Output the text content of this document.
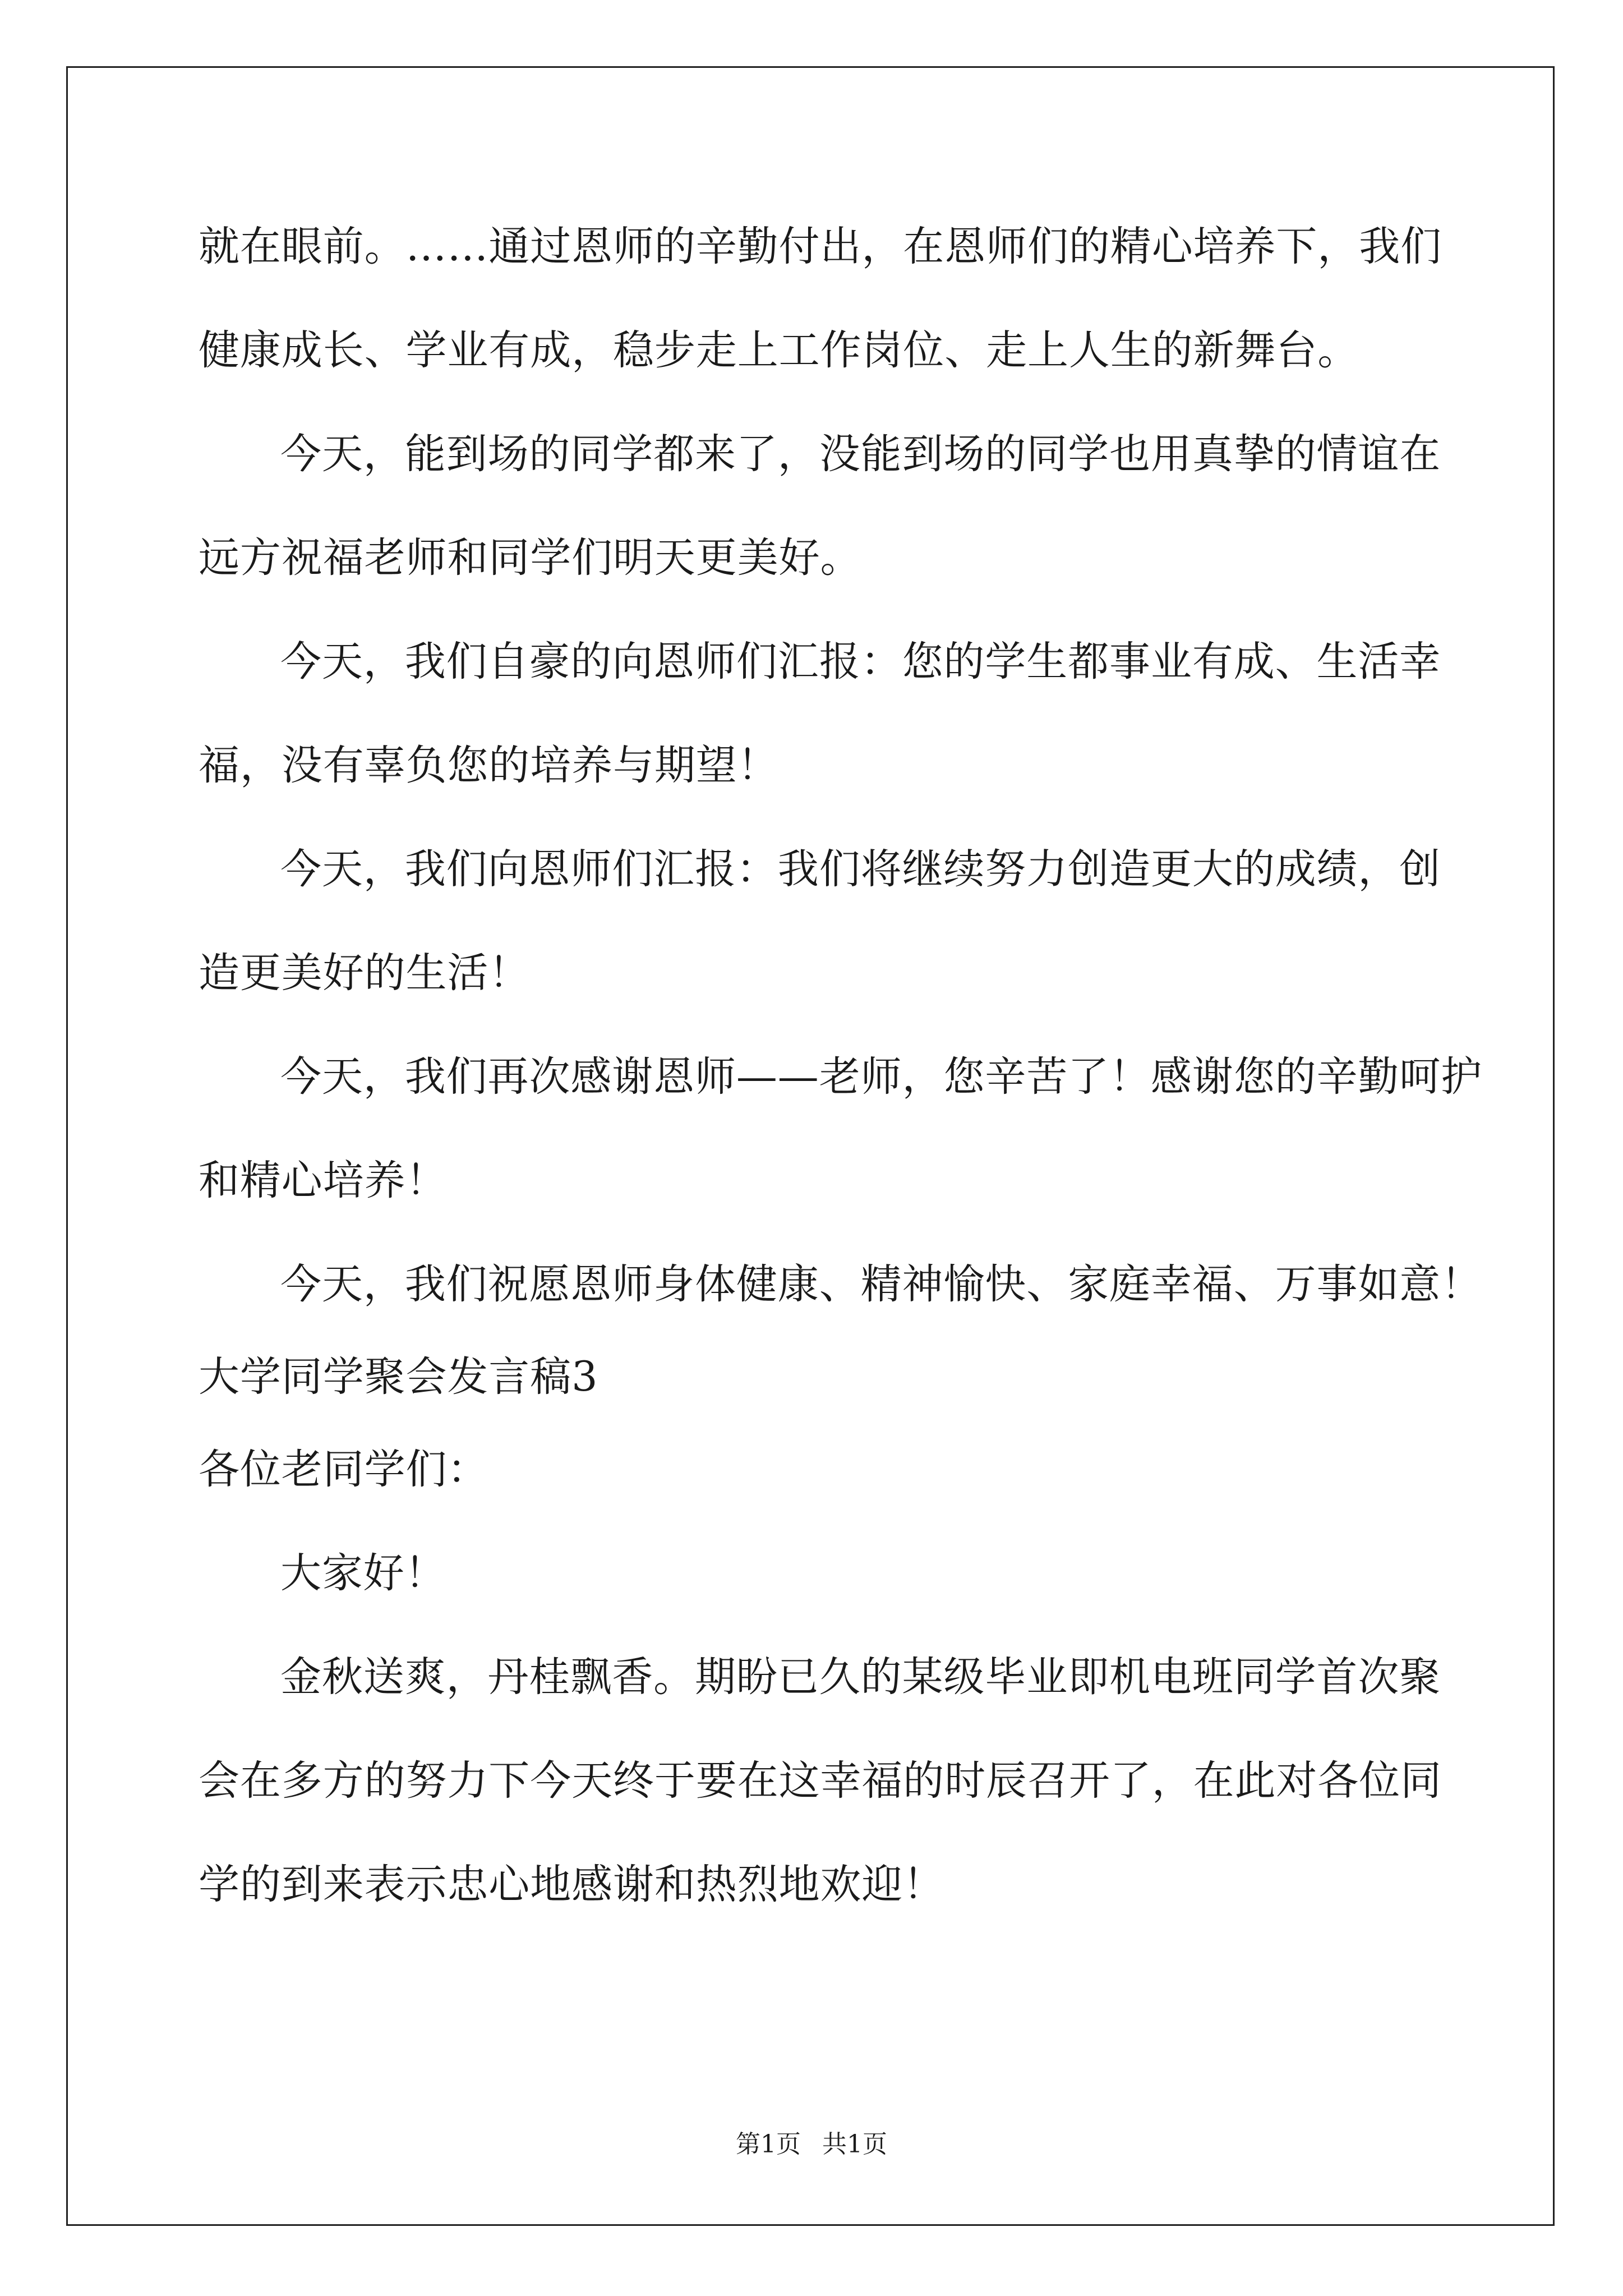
就在眼前。……通过恩师的辛勤付出，在恩师们的精心培养下，我们

健康成长、学业有成，稳步走上工作岗位、走上人生的新舞台。

今天，能到场的同学都来了，没能到场的同学也用真挚的情谊在

远方祝福老师和同学们明天更美好。

今天，我们自豪的向恩师们汇报：您的学生都事业有成、生活幸

福，没有辜负您的培养与期望！

今天，我们向恩师们汇报：我们将继续努力创造更大的成绩，创

造更美好的生活！

今天，我们再次感谢恩师——老师，您辛苦了！感谢您的辛勤呵护

和精心培养！

今天，我们祝愿恩师身体健康、精神愉快、家庭幸福、万事如意！

大学同学聚会发言稿3

各位老同学们：

大家好！

金秋送爽，丹桂飘香。期盼已久的某级毕业即机电班同学首次聚

会在多方的努力下今天终于要在这幸福的时辰召开了，在此对各位同

学的到来表示忠心地感谢和热烈地欢迎！

第1页 共1页
